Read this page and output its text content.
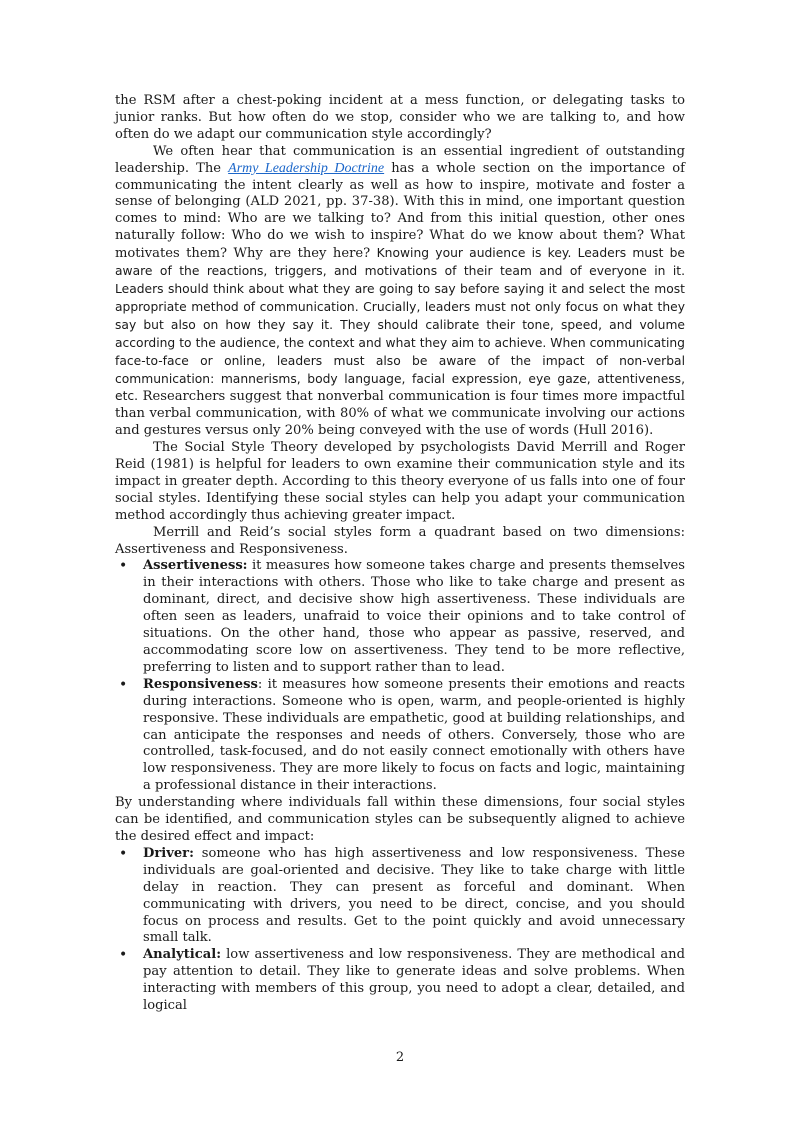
the RSM after a chest-poking incident at a mess function, or delegating tasks to junior ranks. But how often do we stop, consider who we are talking to, and how often do we adapt our communication style accordingly?

We often hear that communication is an essential ingredient of outstanding leadership. The Army Leadership Doctrine has a whole section on the importance of communicating the intent clearly as well as how to inspire, motivate and foster a sense of belonging (ALD 2021, pp. 37-38). With this in mind, one important question comes to mind: Who are we talking to? And from this initial question, other ones naturally follow: Who do we wish to inspire? What do we know about them? What motivates them? Why are they here? Knowing your audience is key. Leaders must be aware of the reactions, triggers, and motivations of their team and of everyone in it. Leaders should think about what they are going to say before saying it and select the most appropriate method of communication. Crucially, leaders must not only focus on what they say but also on how they say it. They should calibrate their tone, speed, and volume according to the audience, the context and what they aim to achieve. When communicating face-to-face or online, leaders must also be aware of the impact of non-verbal communication: mannerisms, body language, facial expression, eye gaze, attentiveness, etc. Researchers suggest that nonverbal communication is four times more impactful than verbal communication, with 80% of what we communicate involving our actions and gestures versus only 20% being conveyed with the use of words (Hull 2016).

The Social Style Theory developed by psychologists David Merrill and Roger Reid (1981) is helpful for leaders to own examine their communication style and its impact in greater depth. According to this theory everyone of us falls into one of four social styles. Identifying these social styles can help you adapt your communication method accordingly thus achieving greater impact.

Merrill and Reid’s social styles form a quadrant based on two dimensions: Assertiveness and Responsiveness.

• Assertiveness: it measures how someone takes charge and presents themselves in their interactions with others. Those who like to take charge and present as dominant, direct, and decisive show high assertiveness. These individuals are often seen as leaders, unafraid to voice their opinions and to take control of situations. On the other hand, those who appear as passive, reserved, and accommodating score low on assertiveness. They tend to be more reflective, preferring to listen and to support rather than to lead.
• Responsiveness: it measures how someone presents their emotions and reacts during interactions. Someone who is open, warm, and people-oriented is highly responsive. These individuals are empathetic, good at building relationships, and can anticipate the responses and needs of others. Conversely, those who are controlled, task-focused, and do not easily connect emotionally with others have low responsiveness. They are more likely to focus on facts and logic, maintaining a professional distance in their interactions.

By understanding where individuals fall within these dimensions, four social styles can be identified, and communication styles can be subsequently aligned to achieve the desired effect and impact:

• Driver: someone who has high assertiveness and low responsiveness. These individuals are goal-oriented and decisive. They like to take charge with little delay in reaction. They can present as forceful and dominant. When communicating with drivers, you need to be direct, concise, and you should focus on process and results. Get to the point quickly and avoid unnecessary small talk.
• Analytical: low assertiveness and low responsiveness. They are methodical and pay attention to detail. They like to generate ideas and solve problems. When interacting with members of this group, you need to adopt a clear, detailed, and logical
2
